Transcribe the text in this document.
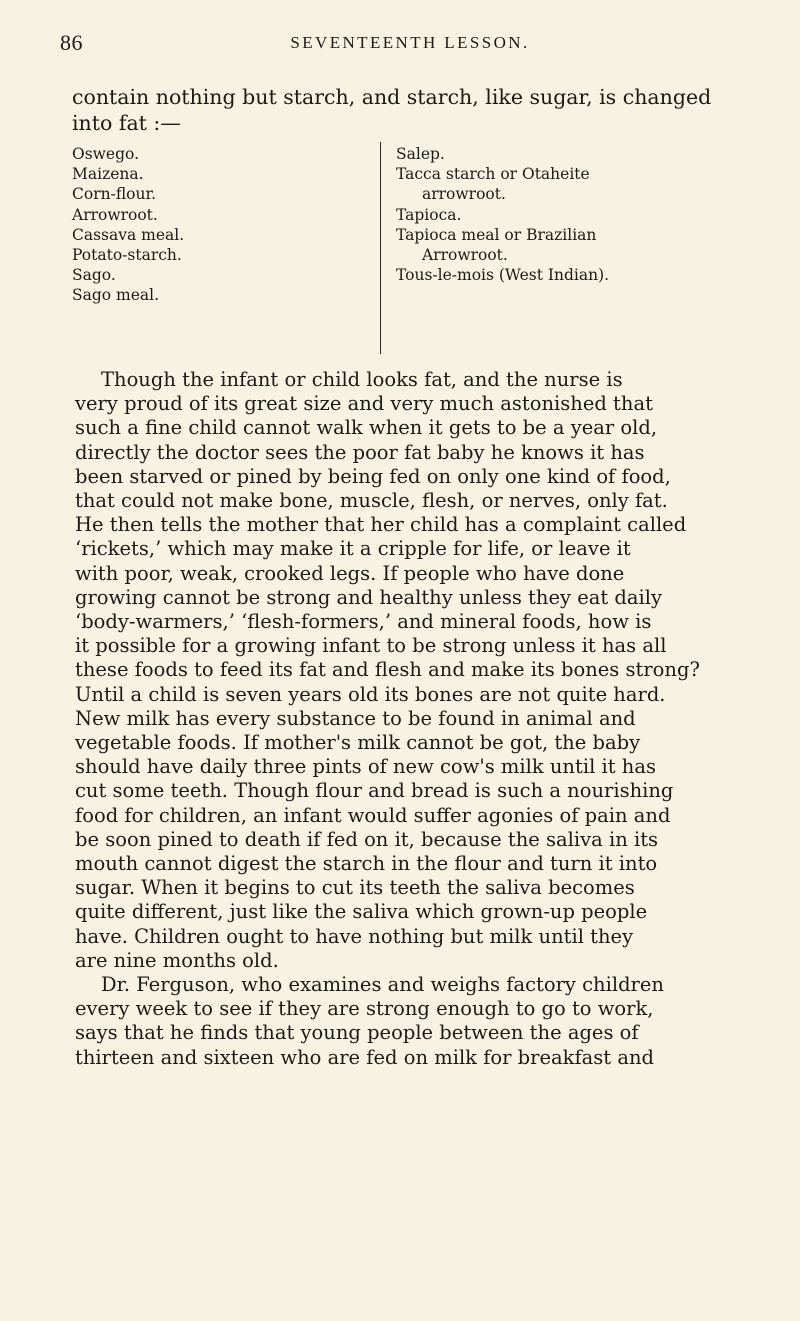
86	SEVENTEENTH LESSON.

contain nothing but starch, and starch, like sugar, is changed
into fat :—

Oswego.
Maizena.
Corn-flour.
Arrowroot.
Cassava meal.
Potato-starch.
Sago.
Sago meal.
Salep.
Tacca starch or Otaheite
arrowroot.
Tapioca.
Tapioca meal or Brazilian
Arrowroot.
Tous-le-mois (West Indian).
Though the infant or child looks fat, and the nurse is
very proud of its great size and very much astonished that
such a fine child cannot walk when it gets to be a year old,
directly the doctor sees the poor fat baby he knows it has
been starved or pined by being fed on only one kind of food,
that could not make bone, muscle, flesh, or nerves, only fat.
He then tells the mother that her child has a complaint called
‘rickets,’ which may make it a cripple for life, or leave it
with poor, weak, crooked legs. If people who have done
growing cannot be strong and healthy unless they eat daily
‘body-warmers,’ ‘flesh-formers,’ and mineral foods, how is
it possible for a growing infant to be strong unless it has all
these foods to feed its fat and flesh and make its bones strong?
Until a child is seven years old its bones are not quite hard.
New milk has every substance to be found in animal and
vegetable foods. If mother's milk cannot be got, the baby
should have daily three pints of new cow's milk until it has
cut some teeth. Though flour and bread is such a nourishing
food for children, an infant would suffer agonies of pain and
be soon pined to death if fed on it, because the saliva in its
mouth cannot digest the starch in the flour and turn it into
sugar. When it begins to cut its teeth the saliva becomes
quite different, just like the saliva which grown-up people
have. Children ought to have nothing but milk until they
are nine months old.
Dr. Ferguson, who examines and weighs factory children
every week to see if they are strong enough to go to work,
says that he finds that young people between the ages of
thirteen and sixteen who are fed on milk for breakfast and
